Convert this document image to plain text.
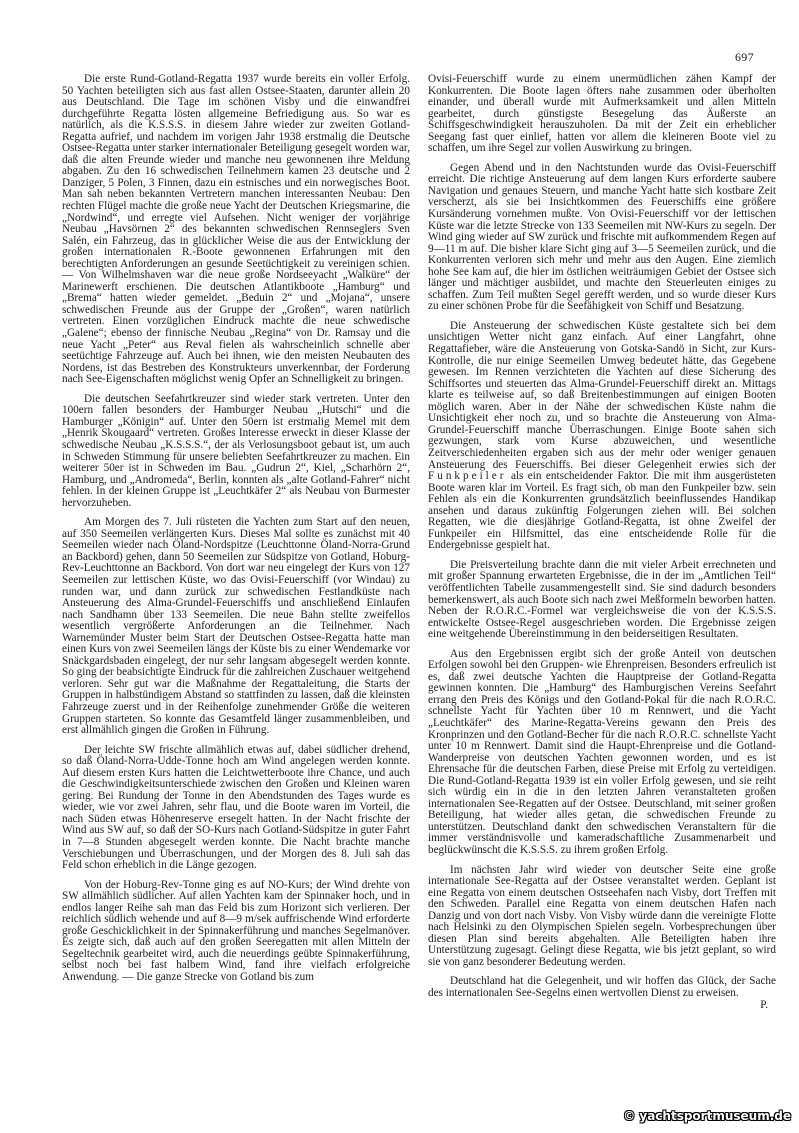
697

Die erste Rund-Gotland-Regatta 1937 wurde bereits ein voller Erfolg. 50 Yachten beteiligten sich aus fast allen Ostsee-Staaten, darunter allein 20 aus Deutschland. Die Tage im schönen Visby und die einwandfrei durchgeführte Regatta lösten allgemeine Befriedigung aus. So war es natürlich, als die K.S.S.S. in diesem Jahre wieder zur zweiten Gotland-Regatta aufrief, und nachdem im vorigen Jahr 1938 erstmalig die Deutsche Ostsee-Regatta unter starker internationaler Beteiligung gesegelt worden war, daß die alten Freunde wieder und manche neu gewonnenen ihre Meldung abgaben. Zu den 16 schwedischen Teilnehmern kamen 23 deutsche und 2 Danziger, 5 Polen, 3 Finnen, dazu ein estnisches und ein norwegisches Boot. Man sah neben bekannten Vertretern manchen interessanten Neubau: Den rechten Flügel machte die große neue Yacht der Deutschen Kriegsmarine, die „Nordwind“, und erregte viel Aufsehen. Nicht weniger der vorjährige Neubau „Havsörnen 2“ des bekannten schwedischen Rennseglers Sven Salén, ein Fahrzeug, das in glücklicher Weise die aus der Entwicklung der großen internationalen R.-Boote gewonnenen Erfahrungen mit den berechtigten Anforderungen an gesunde Seetüchtigkeit zu vereinigen schien. — Von Wilhelmshaven war die neue große Nordseeyacht „Walküre“ der Marinewerft erschienen. Die deutschen Atlantikboote „Hamburg“ und „Brema“ hatten wieder gemeldet. „Beduin 2“ und „Mojana“, unsere schwedischen Freunde aus der Gruppe der „Großen“, waren natürlich vertreten. Einen vorzüglichen Eindruck machte die neue schwedische „Galene“; ebenso der finnische Neubau „Regina“ von Dr. Ramsay und die neue Yacht „Peter“ aus Reval fielen als wahrscheinlich schnelle aber seetüchtige Fahrzeuge auf. Auch bei ihnen, wie den meisten Neubauten des Nordens, ist das Bestreben des Konstrukteurs unverkennbar, der Forderung nach See-Eigenschaften möglichst wenig Opfer an Schnelligkeit zu bringen.

Die deutschen Seefahrtkreuzer sind wieder stark vertreten. Unter den 100ern fallen besonders der Hamburger Neubau „Hutschi“ und die Hamburger „Königin“ auf. Unter den 50ern ist erstmalig Memel mit dem „Henrik Skougaard“ vertreten. Großes Interesse erweckt in dieser Klasse der schwedische Neubau „K.S.S.S.“, der als Verlosungsboot gebaut ist, um auch in Schweden Stimmung für unsere beliebten Seefahrtkreuzer zu machen. Ein weiterer 50er ist in Schweden im Bau. „Gudrun 2“, Kiel, „Scharhörn 2“, Hamburg, und „Andromeda“, Berlin, konnten als „alte Gotland-Fahrer“ nicht fehlen. In der kleinen Gruppe ist „Leuchtkäfer 2“ als Neubau von Burmester hervorzuheben.

Am Morgen des 7. Juli rüsteten die Yachten zum Start auf den neuen, auf 350 Seemeilen verlängerten Kurs. Dieses Mal sollte es zunächst mit 40 Seemeilen wieder nach Öland-Nordspitze (Leuchttonne Öland-Norra-Grund an Backbord) gehen, dann 50 Seemeilen zur Südspitze von Gotland, Hoburg-Rev-Leuchttonne an Backbord. Von dort war neu eingelegt der Kurs von 127 Seemeilen zur lettischen Küste, wo das Ovisi-Feuerschiff (vor Windau) zu runden war, und dann zurück zur schwedischen Festlandküste nach Ansteuerung des Alma-Grundel-Feuerschiffs und anschließend Einlaufen nach Sandhamn über 133 Seemeilen. Die neue Bahn stellte zweifellos wesentlich vergrößerte Anforderungen an die Teilnehmer. Nach Warnemünder Muster beim Start der Deutschen Ostsee-Regatta hatte man einen Kurs von zwei Seemeilen längs der Küste bis zu einer Wendemarke vor Snäckgardsbaden eingelegt, der nur sehr langsam abgesegelt werden konnte. So ging der beabsichtigte Eindruck für die zahlreichen Zuschauer weitgehend verloren. Sehr gut war die Maßnahme der Regattaleitung, die Starts der Gruppen in halbstündigem Abstand so stattfinden zu lassen, daß die kleinsten Fahrzeuge zuerst und in der Reihenfolge zunehmender Größe die weiteren Gruppen starteten. So konnte das Gesamtfeld länger zusammenbleiben, und erst allmählich gingen die Großen in Führung.

Der leichte SW frischte allmählich etwas auf, dabei südlicher drehend, so daß Öland-Norra-Udde-Tonne hoch am Wind angelegen werden konnte. Auf diesem ersten Kurs hatten die Leichtwetterboote ihre Chance, und auch die Geschwindigkeitsunterschiede zwischen den Großen und Kleinen waren gering. Bei Rundung der Tonne in den Abendstunden des Tages wurde es wieder, wie vor zwei Jahren, sehr flau, und die Boote waren im Vorteil, die nach Süden etwas Höhenreserve ersegelt hatten. In der Nacht frischte der Wind aus SW auf, so daß der SO-Kurs nach Gotland-Südspitze in guter Fahrt in 7—8 Stunden abgesegelt werden konnte. Die Nacht brachte manche Verschiebungen und Überraschungen, und der Morgen des 8. Juli sah das Feld schon erheblich in die Länge gezogen.

Von der Hoburg-Rev-Tonne ging es auf NO-Kurs; der Wind drehte von SW allmählich südlicher. Auf allen Yachten kam der Spinnaker hoch, und in endlos langer Reihe sah man das Feld bis zum Horizont sich verlieren. Der reichlich südlich wehende und auf 8—9 m/sek auffrischende Wind erforderte große Geschicklichkeit in der Spinnakerführung und manches Segelmanöver. Es zeigte sich, daß auch auf den großen Seeregatten mit allen Mitteln der Segeltechnik gearbeitet wird, auch die neuerdings geübte Spinnakerführung, selbst noch bei fast halbem Wind, fand ihre vielfach erfolgreiche Anwendung. — Die ganze Strecke von Gotland bis zum

Ovisi-Feuerschiff wurde zu einem unermüdlichen zähen Kampf der Konkurrenten. Die Boote lagen öfters nahe zusammen oder überholten einander, und überall wurde mit Aufmerksamkeit und allen Mitteln gearbeitet, durch günstigste Besegelung das Äußerste an Schiffsgeschwindigkeit herauszuholen. Da mit der Zeit ein erheblicher Seegang fast quer einlief, hatten vor allem die kleineren Boote viel zu schaffen, um ihre Segel zur vollen Auswirkung zu bringen.

Gegen Abend und in den Nachtstunden wurde das Ovisi-Feuerschiff erreicht. Die richtige Ansteuerung auf dem langen Kurs erforderte saubere Navigation und genaues Steuern, und manche Yacht hatte sich kostbare Zeit verscherzt, als sie bei Insichtkommen des Feuerschiffs eine größere Kursänderung vornehmen mußte. Von Ovisi-Feuerschiff vor der lettischen Küste war die letzte Strecke von 133 Seemeilen mit NW-Kurs zu segeln. Der Wind ging wieder auf SW zurück und frischte mit aufkommendem Regen auf 9—11 m auf. Die bisher klare Sicht ging auf 3—5 Seemeilen zurück, und die Konkurrenten verloren sich mehr und mehr aus den Augen. Eine ziemlich hohe See kam auf, die hier im östlichen weiträumigen Gebiet der Ostsee sich länger und mächtiger ausbildet, und machte den Steuerleuten einiges zu schaffen. Zum Teil mußten Segel gerefft werden, und so wurde dieser Kurs zu einer schönen Probe für die Seefähigkeit von Schiff und Besatzung.

Die Ansteuerung der schwedischen Küste gestaltete sich bei dem unsichtigen Wetter nicht ganz einfach. Auf einer Langfahrt, ohne Regattafieber, wäre die Ansteuerung von Gotska-Sandö in Sicht, zur Kurs-Kontrolle, die nur einige Seemeilen Umweg bedeutet hätte, das Gegebene gewesen. Im Rennen verzichteten die Yachten auf diese Sicherung des Schiffsortes und steuerten das Alma-Grundel-Feuerschiff direkt an. Mittags klarte es teilweise auf, so daß Breitenbestimmungen auf einigen Booten möglich waren. Aber in der Nähe der schwedischen Küste nahm die Unsichtigkeit eher noch zu, und so brachte die Ansteuerung von Alma-Grundel-Feuerschiff manche Überraschungen. Einige Boote sahen sich gezwungen, stark vom Kurse abzuweichen, und wesentliche Zeitverschiedenheiten ergaben sich aus der mehr oder weniger genauen Ansteuerung des Feuerschiffs. Bei dieser Gelegenheit erwies sich der Funkpeiler als ein entscheidender Faktor. Die mit ihm ausgerüsteten Boote waren klar im Vorteil. Es fragt sich, ob man den Funkpeiler bzw. sein Fehlen als ein die Konkurrenten grundsätzlich beeinflussendes Handikap ansehen und daraus zukünftig Folgerungen ziehen will. Bei solchen Regatten, wie die diesjährige Gotland-Regatta, ist ohne Zweifel der Funkpeiler ein Hilfsmittel, das eine entscheidende Rolle für die Endergebnisse gespielt hat.

Die Preisverteilung brachte dann die mit vieler Arbeit errechneten und mit großer Spannung erwarteten Ergebnisse, die in der im „Amtlichen Teil“ veröffentlichten Tabelle zusammengestellt sind. Sie sind dadurch besonders bemerkenswert, als auch Boote sich nach zwei Meßformeln beworben hatten. Neben der R.O.R.C.-Formel war vergleichsweise die von der K.S.S.S. entwickelte Ostsee-Regel ausgeschrieben worden. Die Ergebnisse zeigen eine weitgehende Übereinstimmung in den beiderseitigen Resultaten.

Aus den Ergebnissen ergibt sich der große Anteil von deutschen Erfolgen sowohl bei den Gruppen- wie Ehrenpreisen. Besonders erfreulich ist es, daß zwei deutsche Yachten die Hauptpreise der Gotland-Regatta gewinnen konnten. Die „Hamburg“ des Hamburgischen Vereins Seefahrt errang den Preis des Königs und den Gotland-Pokal für die nach R.O.R.C. schnellste Yacht für Yachten über 10 m Rennwert, und die Yacht „Leuchtkäfer“ des Marine-Regatta-Vereins gewann den Preis des Kronprinzen und den Gotland-Becher für die nach R.O.R.C. schnellste Yacht unter 10 m Rennwert. Damit sind die Haupt-Ehrenpreise und die Gotland-Wanderpreise von deutschen Yachten gewonnen worden, und es ist Ehrensache für die deutschen Farben, diese Preise mit Erfolg zu verteidigen. Die Rund-Gotland-Regatta 1939 ist ein voller Erfolg gewesen, und sie reiht sich würdig ein in die in den letzten Jahren veranstalteten großen internationalen See-Regatten auf der Ostsee. Deutschland, mit seiner großen Beteiligung, hat wieder alles getan, die schwedischen Freunde zu unterstützen. Deutschland dankt den schwedischen Veranstaltern für die immer verständnisvolle und kameradschaftliche Zusammenarbeit und beglückwünscht die K.S.S.S. zu ihrem großen Erfolg.

Im nächsten Jahr wird wieder von deutscher Seite eine große internationale See-Regatta auf der Ostsee veranstaltet werden. Geplant ist eine Regatta von einem deutschen Ostseehafen nach Visby, dort Treffen mit den Schweden. Parallel eine Regatta von einem deutschen Hafen nach Danzig und von dort nach Visby. Von Visby würde dann die vereinigte Flotte nach Helsinki zu den Olympischen Spielen segeln. Vorbesprechungen über diesen Plan sind bereits abgehalten. Alle Beteiligten haben ihre Unterstützung zugesagt. Gelingt diese Regatta, wie bis jetzt geplant, so wird sie von ganz besonderer Bedeutung werden.

Deutschland hat die Gelegenheit, und wir hoffen das Glück, der Sache des internationalen See-Segelns einen wertvollen Dienst zu erweisen.
P.

© yachtsportmuseum.de
